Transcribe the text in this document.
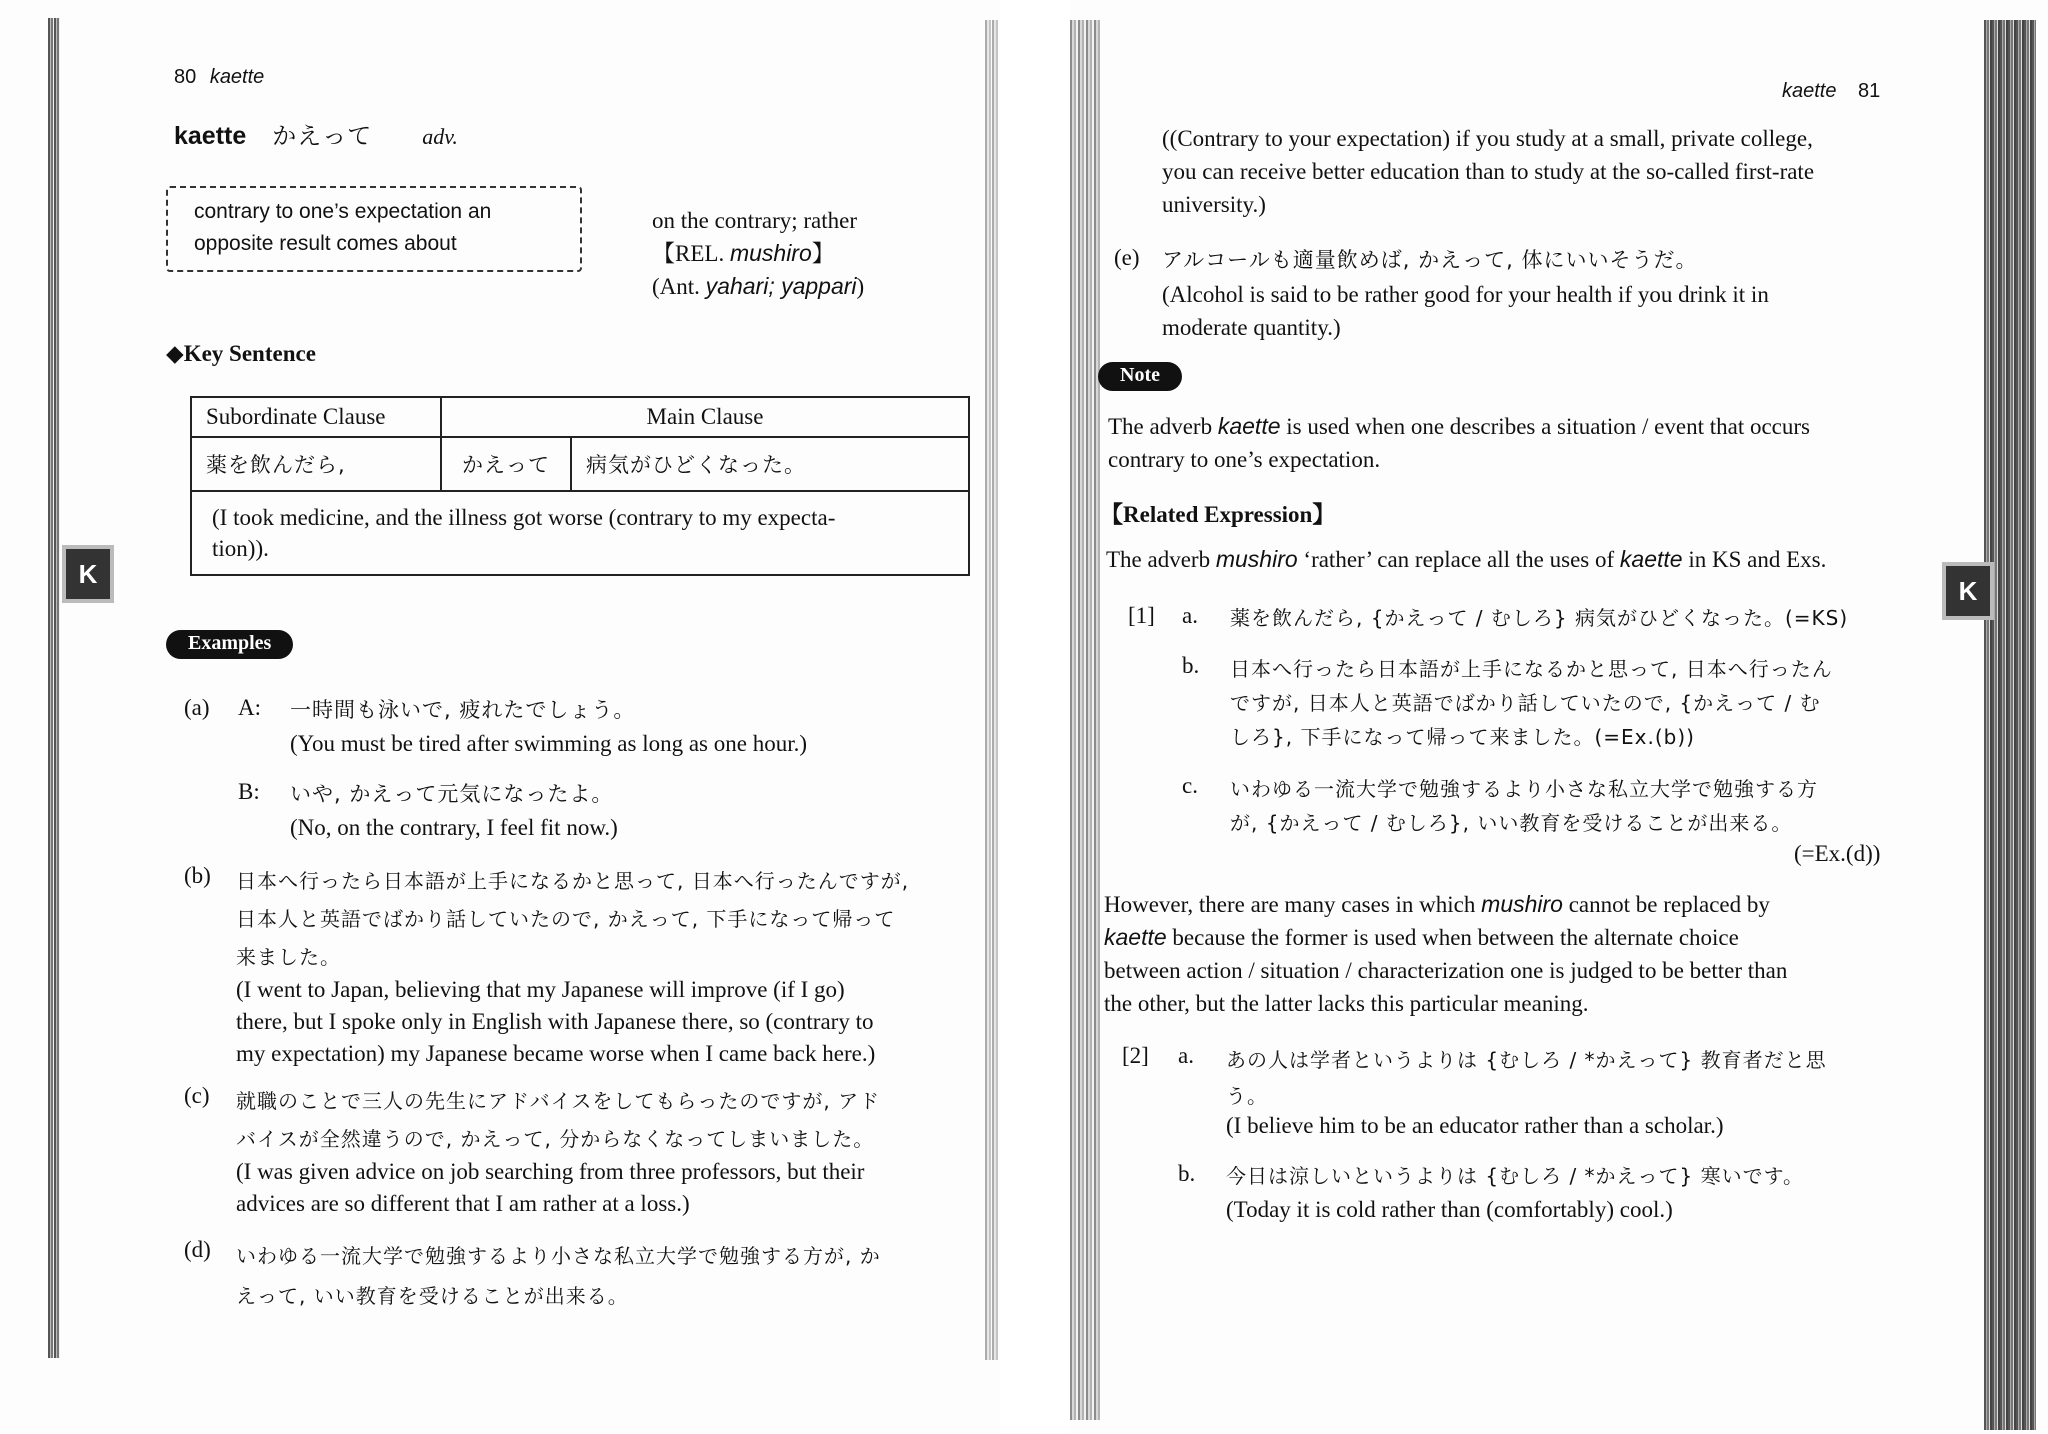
K
80 kaette
kaette かえって adv.
contrary to one’s expectation an
opposite result comes about
on the contrary; rather
【REL. mushiro】
(Ant. yahari; yappari)
◆Key Sentence
Subordinate Clause	Main Clause	
薬を飲んだら,	かえって	病気がひどくなった。

(I took medicine, and the illness got worse (contrary to my expecta-
tion)).		
Examples
(a) A: 一時間も泳いで, 疲れたでしょう。
(You must be tired after swimming as long as one hour.)
B: いや, かえって元気になったよ。
(No, on the contrary, I feel fit now.)
(b) 日本へ行ったら日本語が上手になるかと思って, 日本へ行ったんですが,
日本人と英語でばかり話していたので, かえって, 下手になって帰って
来ました。
(I went to Japan, believing that my Japanese will improve (if I go)
there, but I spoke only in English with Japanese there, so (contrary to
my expectation) my Japanese became worse when I came back here.)
(c) 就職のことで三人の先生にアドバイスをしてもらったのですが, アド
バイスが全然違うので, かえって, 分からなくなってしまいました。
(I was given advice on job searching from three professors, but their
advices are so different that I am rather at a loss.)
(d) いわゆる一流大学で勉強するより小さな私立大学で勉強する方が, か
えって, いい教育を受けることが出来る。
K
kaette 81
((Contrary to your expectation) if you study at a small, private college,
you can receive better education than to study at the so-called first-rate
university.)
(e) アルコールも適量飲めば, かえって, 体にいいそうだ。
(Alcohol is said to be rather good for your health if you drink it in
moderate quantity.)
Note
The adverb kaette is used when one describes a situation / event that occurs
contrary to one’s expectation.
【Related Expression】
The adverb mushiro ‘rather’ can replace all the uses of kaette in KS and Exs.
[1] a. 薬を飲んだら, {かえって / むしろ} 病気がひどくなった。(=KS)
b. 日本へ行ったら日本語が上手になるかと思って, 日本へ行ったん
ですが, 日本人と英語でばかり話していたので, {かえって / む
しろ}, 下手になって帰って来ました。(=Ex.(b))
c. いわゆる一流大学で勉強するより小さな私立大学で勉強する方
が, {かえって / むしろ}, いい教育を受けることが出来る。
(=Ex.(d))
However, there are many cases in which mushiro cannot be replaced by
kaette because the former is used when between the alternate choice
between action / situation / characterization one is judged to be better than
the other, but the latter lacks this particular meaning.
[2] a. あの人は学者というよりは {むしろ / *かえって} 教育者だと思
う。
(I believe him to be an educator rather than a scholar.)
b. 今日は涼しいというよりは {むしろ / *かえって} 寒いです。
(Today it is cold rather than (comfortably) cool.)
